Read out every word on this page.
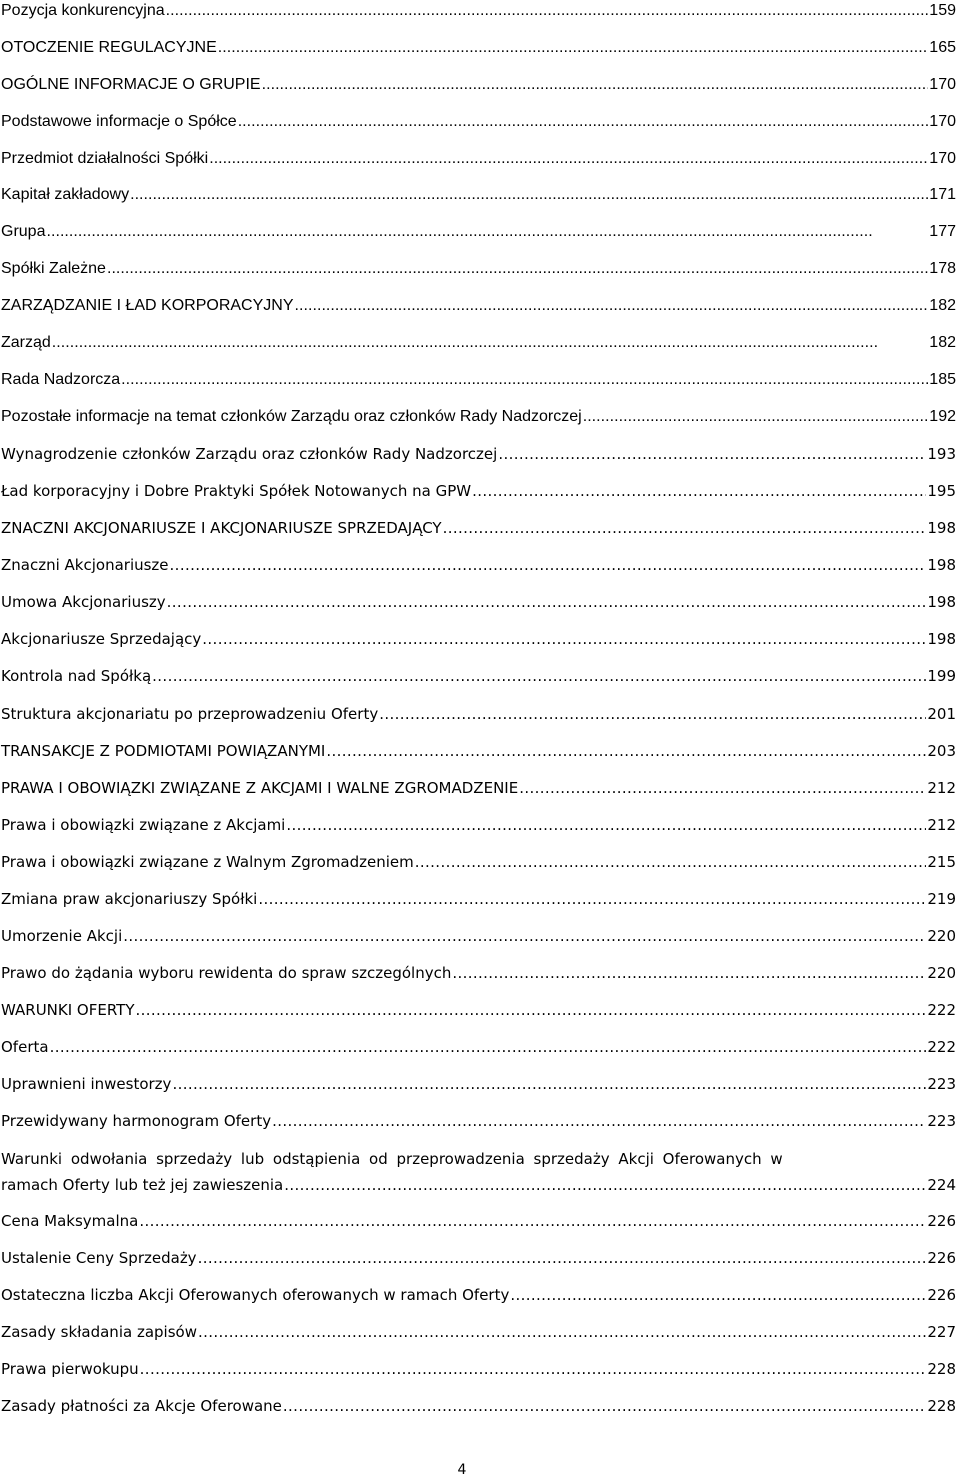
Pozycja konkurencyjna . . .	159
OTOCZENIE REGULACYJNE . . .	165
OGÓLNE INFORMACJE O GRUPIE . . .	170
Podstawowe informacje o Spółce . . .	170
Przedmiot działalności Spółki . . .	170
Kapitał zakładowy . . .	171
Grupa . . .	177
Spółki Zależne . . .	178
ZARZĄDZANIE I ŁAD KORPORACYJNY . . .	182
Zarząd . . .	182
Rada Nadzorcza . . .	185
Pozostałe informacje na temat członków Zarządu oraz członków Rady Nadzorczej . . .	192
Wynagrodzenie członków Zarządu oraz członków Rady Nadzorczej . . .	193
Ład korporacyjny i Dobre Praktyki Spółek Notowanych na GPW . . .	195
ZNACZNI AKCJONARIUSZE I AKCJONARIUSZE SPRZEDAJĄCY . . .	198
Znaczni Akcjonariusze . . .	198
Umowa Akcjonariuszy . . .	198
Akcjonariusze Sprzedający . . .	198
Kontrola nad Spółką . . .	199
Struktura akcjonariatu po przeprowadzeniu Oferty . . .	201
TRANSAKCJE Z PODMIOTAMI POWIĄZANYMI . . .	203
PRAWA I OBOWIĄZKI ZWIĄZANE Z AKCJAMI I WALNE ZGROMADZENIE . . .	212
Prawa i obowiązki związane z Akcjami . . .	212
Prawa i obowiązki związane z Walnym Zgromadzeniem . . .	215
Zmiana praw akcjonariuszy Spółki . . .	219
Umorzenie Akcji . . .	220
Prawo do żądania wyboru rewidenta do spraw szczególnych . . .	220
WARUNKI OFERTY . . .	222
Oferta . . .	222
Uprawnieni inwestorzy . . .	223
Przewidywany harmonogram Oferty . . .	223
Warunki odwołania sprzedaży lub odstąpienia od przeprowadzenia sprzedaży Akcji Oferowanych w
ramach Oferty lub też jej zawieszenia . . .	224
Cena Maksymalna . . .	226
Ustalenie Ceny Sprzedaży . . .	226
Ostateczna liczba Akcji Oferowanych oferowanych w ramach Oferty . . .	226
Zasady składania zapisów . . .	227
Prawa pierwokupu . . .	228
Zasady płatności za Akcje Oferowane . . .	228
4
